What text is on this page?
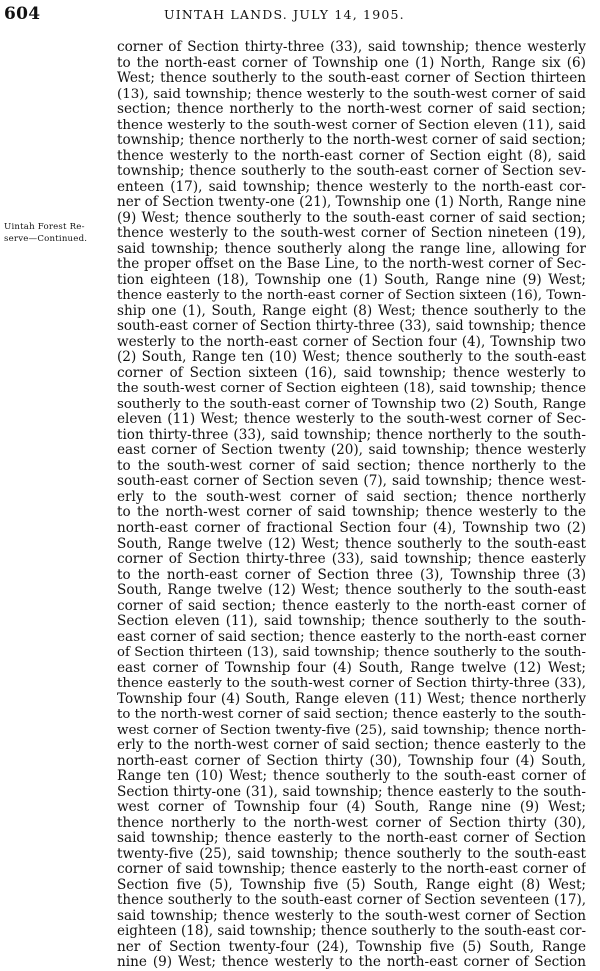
604	UINTAH LANDS. JULY 14, 1905.
Uintah Forest Re-
serve—Continued.
corner of Section thirty-three (33), said township; thence westerly
to the north-east corner of Township one (1) North, Range six (6)
West; thence southerly to the south-east corner of Section thirteen
(13), said township; thence westerly to the south-west corner of said
section; thence northerly to the north-west corner of said section;
thence westerly to the south-west corner of Section eleven (11), said
township; thence northerly to the north-west corner of said section;
thence westerly to the north-east corner of Section eight (8), said
township; thence southerly to the south-east corner of Section sev-
enteen (17), said township; thence westerly to the north-east cor-
ner of Section twenty-one (21), Township one (1) North, Range nine
(9) West; thence southerly to the south-east corner of said section;
thence westerly to the south-west corner of Section nineteen (19),
said township; thence southerly along the range line, allowing for
the proper offset on the Base Line, to the north-west corner of Sec-
tion eighteen (18), Township one (1) South, Range nine (9) West;
thence easterly to the north-east corner of Section sixteen (16), Town-
ship one (1), South, Range eight (8) West; thence southerly to the
south-east corner of Section thirty-three (33), said township; thence
westerly to the north-east corner of Section four (4), Township two
(2) South, Range ten (10) West; thence southerly to the south-east
corner of Section sixteen (16), said township; thence westerly to
the south-west corner of Section eighteen (18), said township; thence
southerly to the south-east corner of Township two (2) South, Range
eleven (11) West; thence westerly to the south-west corner of Sec-
tion thirty-three (33), said township; thence northerly to the south-
east corner of Section twenty (20), said township; thence westerly
to the south-west corner of said section; thence northerly to the
south-east corner of Section seven (7), said township; thence west-
erly to the south-west corner of said section; thence northerly
to the north-west corner of said township; thence westerly to the
north-east corner of fractional Section four (4), Township two (2)
South, Range twelve (12) West; thence southerly to the south-east
corner of Section thirty-three (33), said township; thence easterly
to the north-east corner of Section three (3), Township three (3)
South, Range twelve (12) West; thence southerly to the south-east
corner of said section; thence easterly to the north-east corner of
Section eleven (11), said township; thence southerly to the south-
east corner of said section; thence easterly to the north-east corner
of Section thirteen (13), said township; thence southerly to the south-
east corner of Township four (4) South, Range twelve (12) West;
thence easterly to the south-west corner of Section thirty-three (33),
Township four (4) South, Range eleven (11) West; thence northerly
to the north-west corner of said section; thence easterly to the south-
west corner of Section twenty-five (25), said township; thence north-
erly to the north-west corner of said section; thence easterly to the
north-east corner of Section thirty (30), Township four (4) South,
Range ten (10) West; thence southerly to the south-east corner of
Section thirty-one (31), said township; thence easterly to the south-
west corner of Township four (4) South, Range nine (9) West;
thence northerly to the north-west corner of Section thirty (30),
said township; thence easterly to the north-east corner of Section
twenty-five (25), said township; thence southerly to the south-east
corner of said township; thence easterly to the north-east corner of
Section five (5), Township five (5) South, Range eight (8) West;
thence southerly to the south-east corner of Section seventeen (17),
said township; thence westerly to the south-west corner of Section
eighteen (18), said township; thence southerly to the south-east cor-
ner of Section twenty-four (24), Township five (5) South, Range
nine (9) West; thence westerly to the north-east corner of Section
